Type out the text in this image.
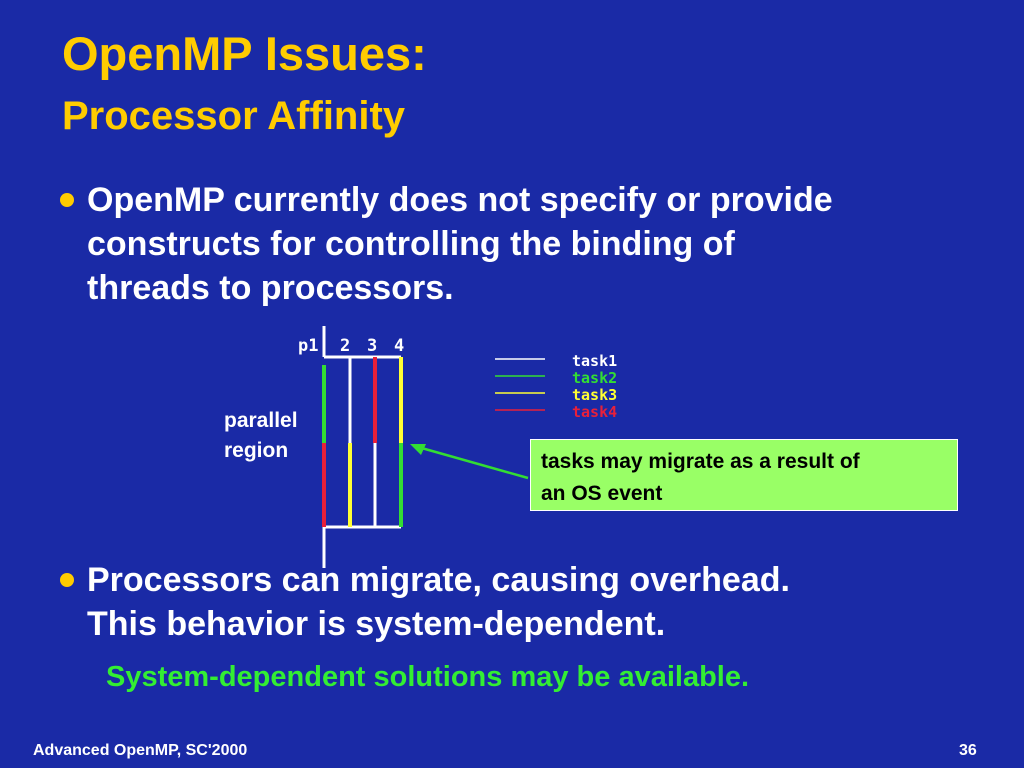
OpenMP Issues:
Processor Affinity
OpenMP currently does not specify or provide
constructs for controlling the binding of
threads to processors.
p1 2 3 4
parallel
region
task1
task2
task3
task4
tasks may migrate as a result of
an OS event
Processors can migrate, causing overhead.
This behavior is system-dependent.
System-dependent solutions may be available.
Advanced OpenMP, SC'2000	36
